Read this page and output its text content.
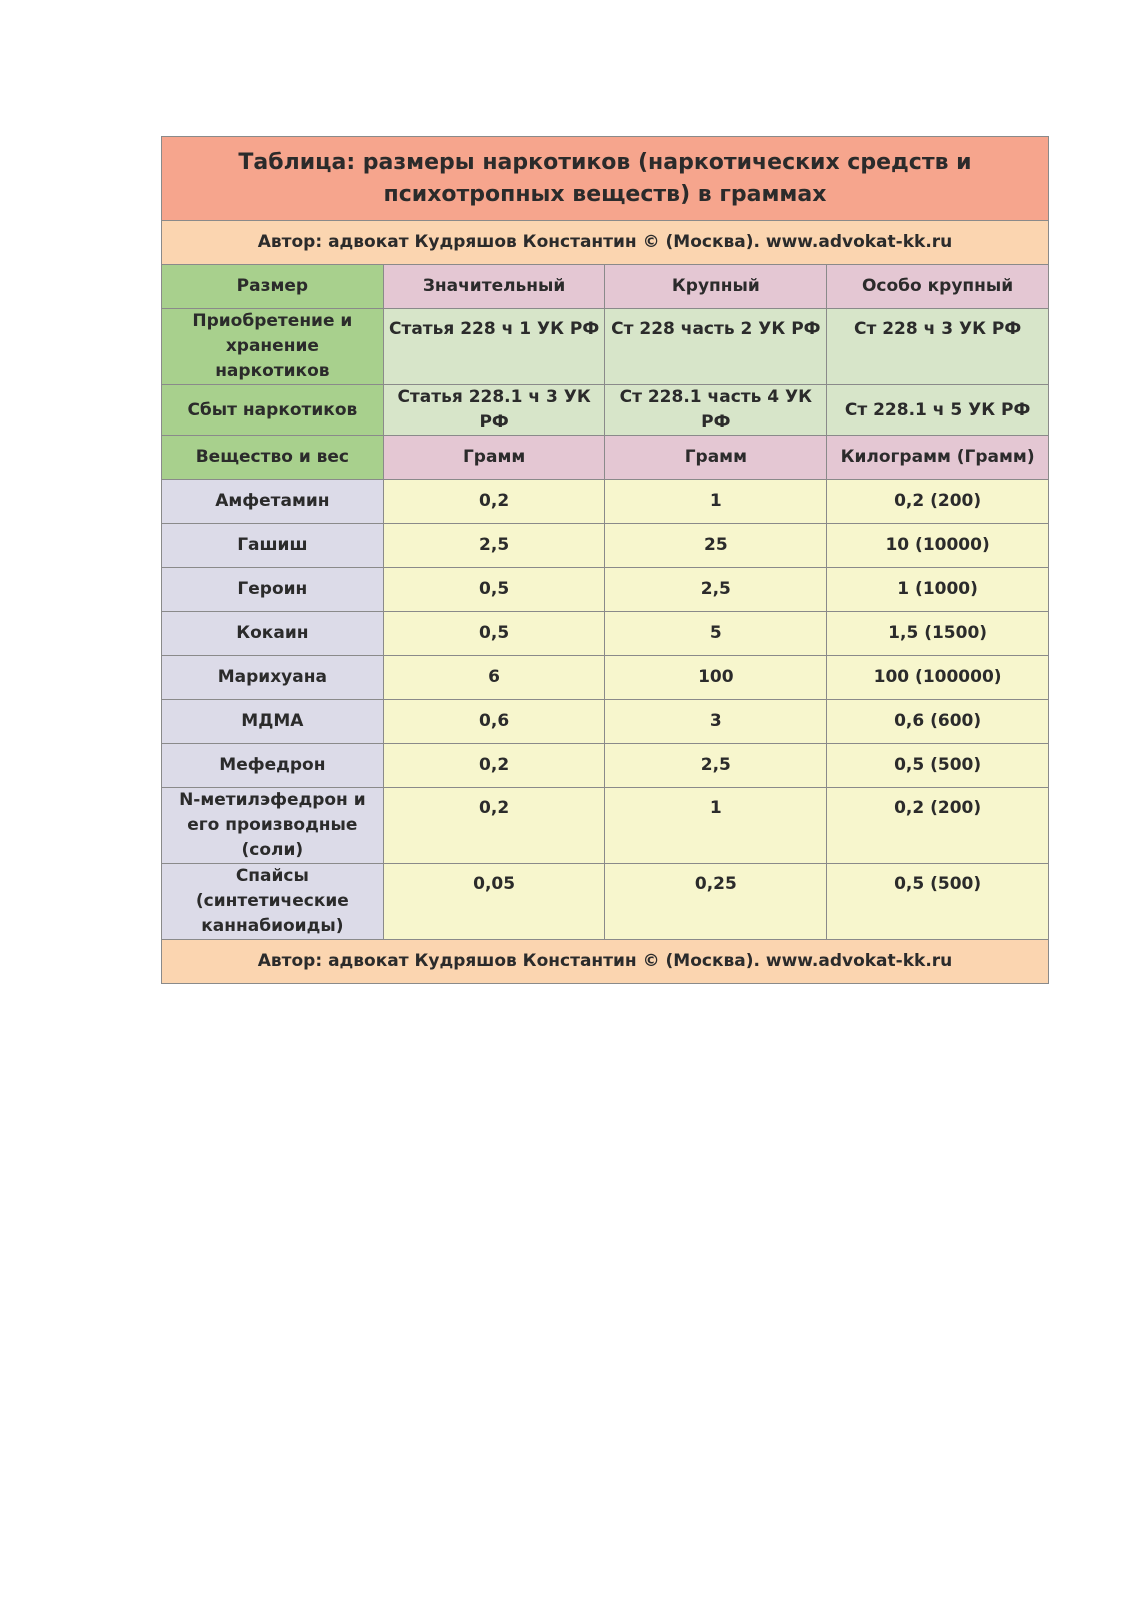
Таблица: размеры наркотиков (наркотических средств и психотропных веществ) в граммах			
Автор: адвокат Кудряшов Константин © (Москва). www.advokat-kk.ru			
Размер	Значительный	Крупный	Особо крупный
Приобретение и хранение наркотиков	Статья 228 ч 1 УК РФ	Ст 228 часть 2 УК РФ	Ст 228 ч 3 УК РФ
Сбыт наркотиков	Статья 228.1 ч 3 УК РФ	Ст 228.1 часть 4 УК РФ	Ст 228.1 ч 5 УК РФ
Вещество и вес	Грамм	Грамм	Килограмм (Грамм)
Амфетамин	0,2	1	0,2 (200)
Гашиш	2,5	25	10 (10000)
Героин	0,5	2,5	1 (1000)
Кокаин	0,5	5	1,5 (1500)
Марихуана	6	100	100 (100000)
МДМА	0,6	3	0,6 (600)
Мефедрон	0,2	2,5	0,5 (500)
N-метилэфедрон и его производные (соли)	0,2	1	0,2 (200)
Спайсы (синтетические каннабиоиды)	0,05	0,25	0,5 (500)
Автор: адвокат Кудряшов Константин © (Москва). www.advokat-kk.ru			
